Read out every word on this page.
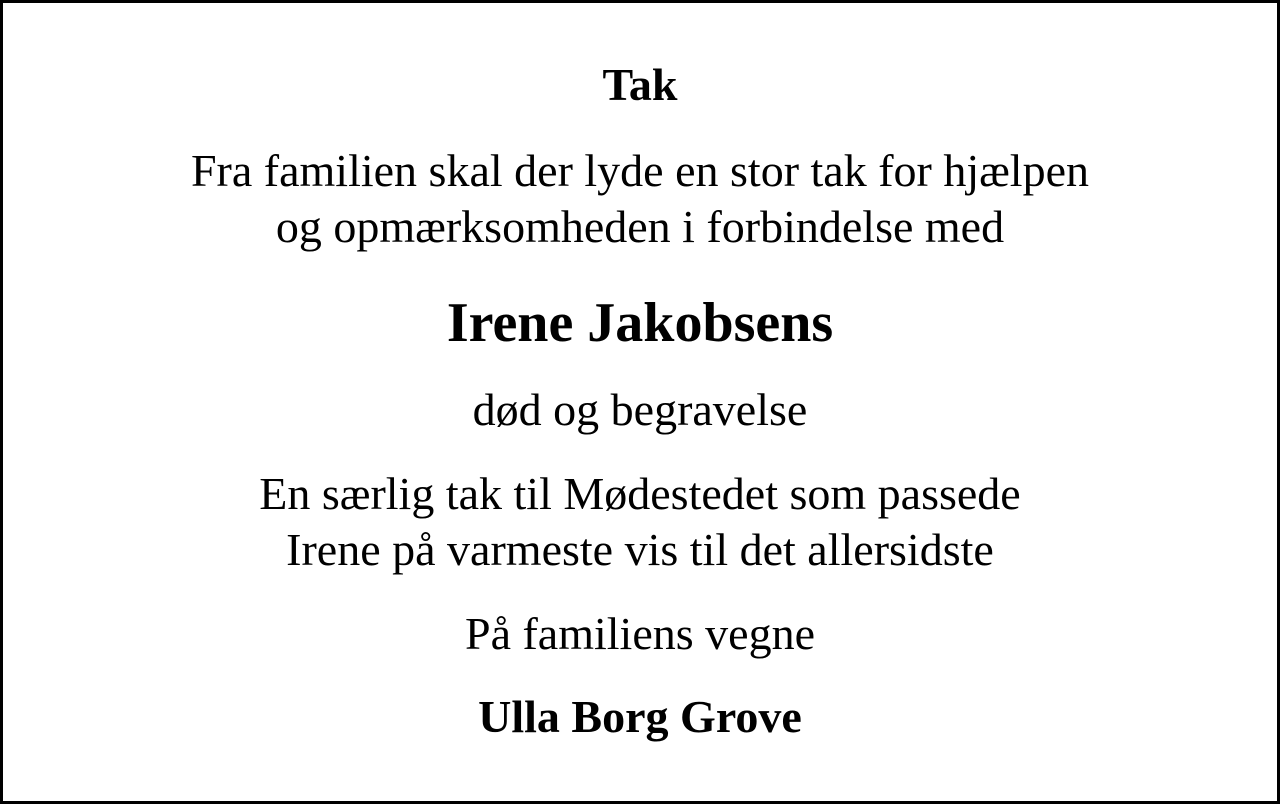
Tak
Fra familien skal der lyde en stor tak for hjælpen
og opmærksomheden i forbindelse med
Irene Jakobsens
død og begravelse
En særlig tak til Mødestedet som passede
Irene på varmeste vis til det allersidste
På familiens vegne
Ulla Borg Grove
